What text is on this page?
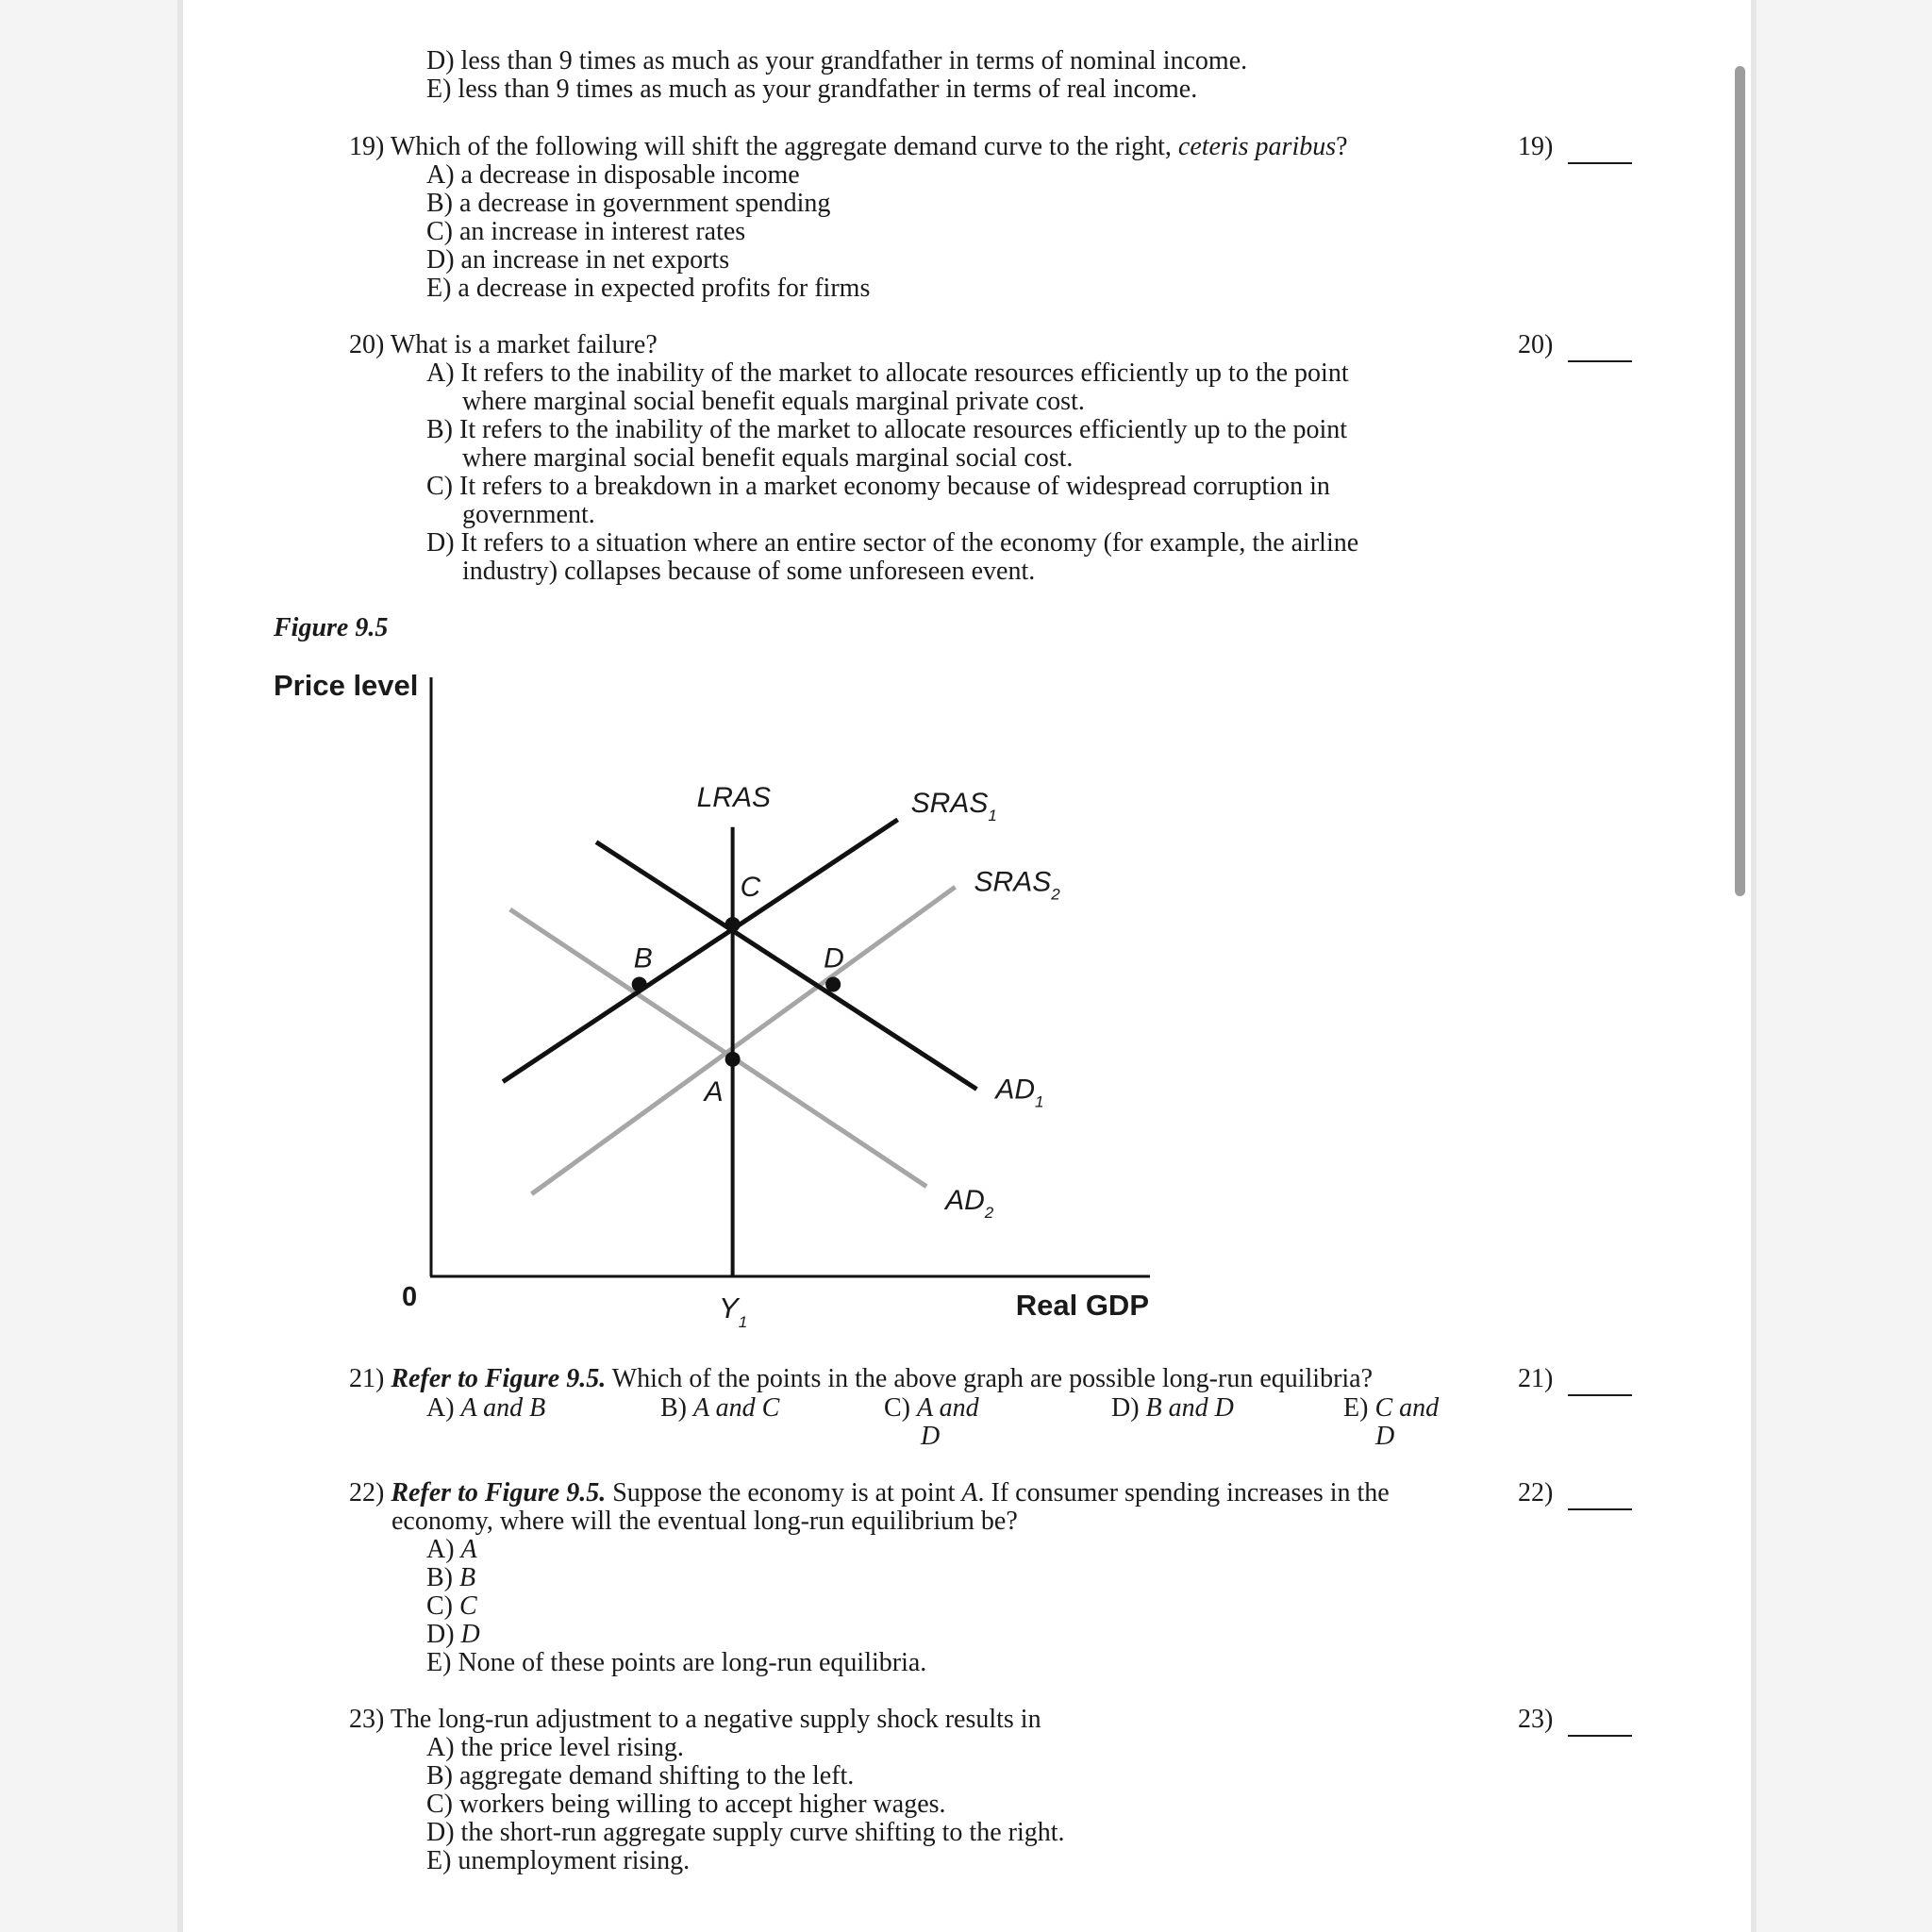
D) less than 9 times as much as your grandfather in terms of nominal income.
E) less than 9 times as much as your grandfather in terms of real income.
19) Which of the following will shift the aggregate demand curve to the right, ceteris paribus?	19)
A) a decrease in disposable income
B) a decrease in government spending
C) an increase in interest rates
D) an increase in net exports
E) a decrease in expected profits for firms
20) What is a market failure?	20)
A) It refers to the inability of the market to allocate resources efficiently up to the point
where marginal social benefit equals marginal private cost.
B) It refers to the inability of the market to allocate resources efficiently up to the point
where marginal social benefit equals marginal social cost.
C) It refers to a breakdown in a market economy because of widespread corruption in
government.
D) It refers to a situation where an entire sector of the economy (for example, the airline
industry) collapses because of some unforeseen event.
Figure 9.5
Price level
0	Real GDP
$Y_1$
LRAS	$SRAS_1$
$SRAS_2$
$AD_1$
$AD_2$
A
B
C
D
21) Refer to Figure 9.5. Which of the points in the above graph are possible long-run equilibria?	21)
A) A and B	B) A and C	C) A and
D
D) B and D	E) C and
D
22) Refer to Figure 9.5. Suppose the economy is at point A. If consumer spending increases in the
economy, where will the eventual long-run equilibrium be?
22)
A) A
B) B
C) C
D) D
E) None of these points are long-run equilibria.
23) The long-run adjustment to a negative supply shock results in	23)
A) the price level rising.
B) aggregate demand shifting to the left.
C) workers being willing to accept higher wages.
D) the short-run aggregate supply curve shifting to the right.
E) unemployment rising.
